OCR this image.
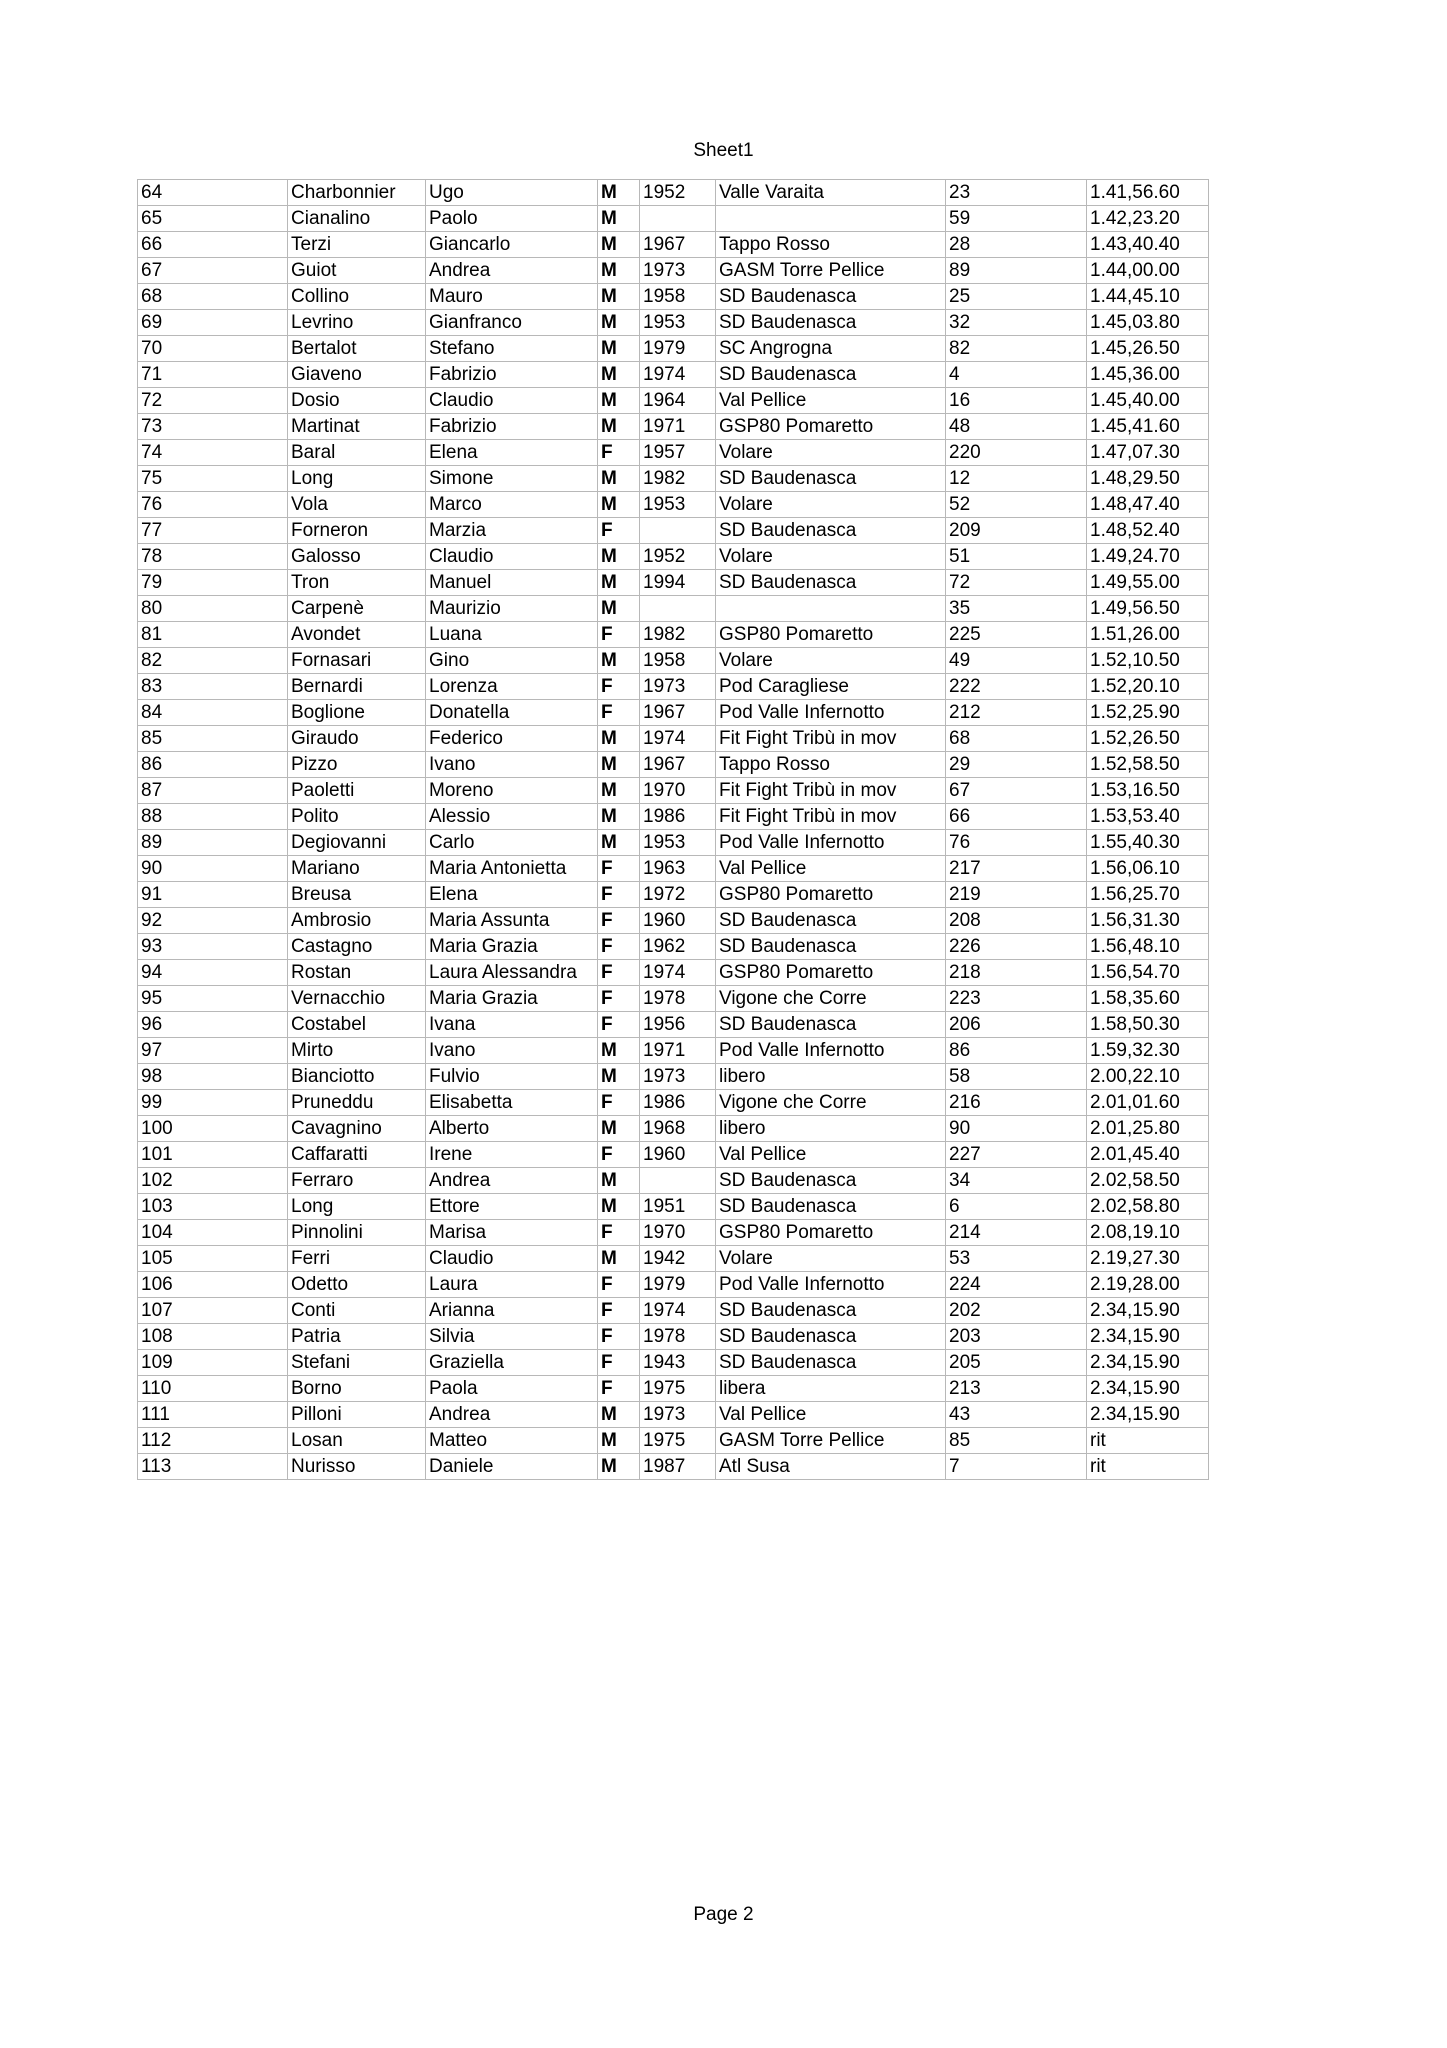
Sheet1
64	Charbonnier	Ugo	M	1952	Valle Varaita	23	1.41,56.60
65	Cianalino	Paolo	M			59	1.42,23.20
66	Terzi	Giancarlo	M	1967	Tappo Rosso	28	1.43,40.40
67	Guiot	Andrea	M	1973	GASM Torre Pellice	89	1.44,00.00
68	Collino	Mauro	M	1958	SD Baudenasca	25	1.44,45.10
69	Levrino	Gianfranco	M	1953	SD Baudenasca	32	1.45,03.80
70	Bertalot	Stefano	M	1979	SC Angrogna	82	1.45,26.50
71	Giaveno	Fabrizio	M	1974	SD Baudenasca	4	1.45,36.00
72	Dosio	Claudio	M	1964	Val Pellice	16	1.45,40.00
73	Martinat	Fabrizio	M	1971	GSP80 Pomaretto	48	1.45,41.60
74	Baral	Elena	F	1957	Volare	220	1.47,07.30
75	Long	Simone	M	1982	SD Baudenasca	12	1.48,29.50
76	Vola	Marco	M	1953	Volare	52	1.48,47.40
77	Forneron	Marzia	F		SD Baudenasca	209	1.48,52.40
78	Galosso	Claudio	M	1952	Volare	51	1.49,24.70
79	Tron	Manuel	M	1994	SD Baudenasca	72	1.49,55.00
80	Carpenè	Maurizio	M			35	1.49,56.50
81	Avondet	Luana	F	1982	GSP80 Pomaretto	225	1.51,26.00
82	Fornasari	Gino	M	1958	Volare	49	1.52,10.50
83	Bernardi	Lorenza	F	1973	Pod Caragliese	222	1.52,20.10
84	Boglione	Donatella	F	1967	Pod Valle Infernotto	212	1.52,25.90
85	Giraudo	Federico	M	1974	Fit Fight Tribù in mov	68	1.52,26.50
86	Pizzo	Ivano	M	1967	Tappo Rosso	29	1.52,58.50
87	Paoletti	Moreno	M	1970	Fit Fight Tribù in mov	67	1.53,16.50
88	Polito	Alessio	M	1986	Fit Fight Tribù in mov	66	1.53,53.40
89	Degiovanni	Carlo	M	1953	Pod Valle Infernotto	76	1.55,40.30
90	Mariano	Maria Antonietta	F	1963	Val Pellice	217	1.56,06.10
91	Breusa	Elena	F	1972	GSP80 Pomaretto	219	1.56,25.70
92	Ambrosio	Maria Assunta	F	1960	SD Baudenasca	208	1.56,31.30
93	Castagno	Maria Grazia	F	1962	SD Baudenasca	226	1.56,48.10
94	Rostan	Laura Alessandra	F	1974	GSP80 Pomaretto	218	1.56,54.70
95	Vernacchio	Maria Grazia	F	1978	Vigone che Corre	223	1.58,35.60
96	Costabel	Ivana	F	1956	SD Baudenasca	206	1.58,50.30
97	Mirto	Ivano	M	1971	Pod Valle Infernotto	86	1.59,32.30
98	Bianciotto	Fulvio	M	1973	libero	58	2.00,22.10
99	Pruneddu	Elisabetta	F	1986	Vigone che Corre	216	2.01,01.60
100	Cavagnino	Alberto	M	1968	libero	90	2.01,25.80
101	Caffaratti	Irene	F	1960	Val Pellice	227	2.01,45.40
102	Ferraro	Andrea	M		SD Baudenasca	34	2.02,58.50
103	Long	Ettore	M	1951	SD Baudenasca	6	2.02,58.80
104	Pinnolini	Marisa	F	1970	GSP80 Pomaretto	214	2.08,19.10
105	Ferri	Claudio	M	1942	Volare	53	2.19,27.30
106	Odetto	Laura	F	1979	Pod Valle Infernotto	224	2.19,28.00
107	Conti	Arianna	F	1974	SD Baudenasca	202	2.34,15.90
108	Patria	Silvia	F	1978	SD Baudenasca	203	2.34,15.90
109	Stefani	Graziella	F	1943	SD Baudenasca	205	2.34,15.90
110	Borno	Paola	F	1975	libera	213	2.34,15.90
111	Pilloni	Andrea	M	1973	Val Pellice	43	2.34,15.90
112	Losan	Matteo	M	1975	GASM Torre Pellice	85	rit
113	Nurisso	Daniele	M	1987	Atl Susa	7	rit
Page 2
